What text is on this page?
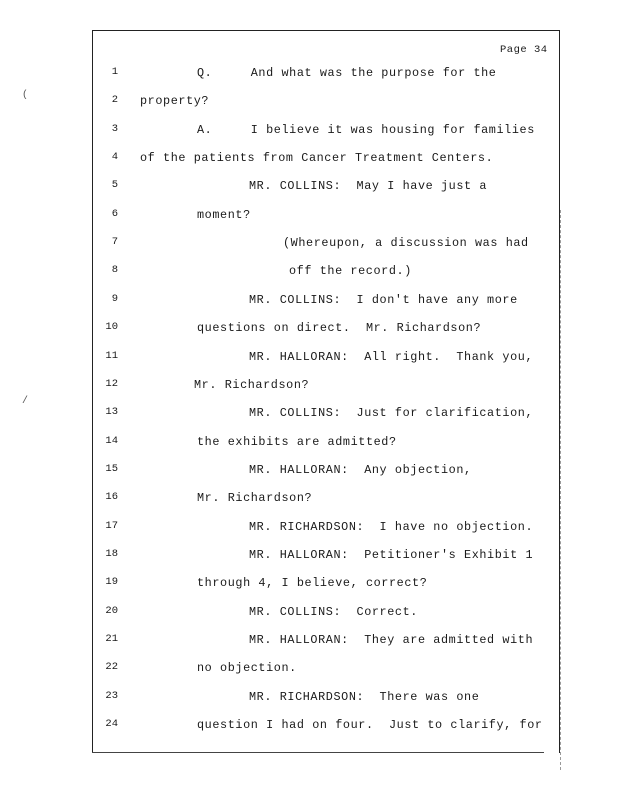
(
/
Page 34
1	Q.     And what was the purpose for the
2 property?
3	A.     I believe it was housing for families
4 of the patients from Cancer Treatment Centers.
5	MR. COLLINS:  May I have just a
6	moment?
7	(Whereupon, a discussion was had
8	off the record.)
9	MR. COLLINS:  I don't have any more
10	questions on direct.  Mr. Richardson?
11	MR. HALLORAN:  All right.  Thank you,
12	Mr. Richardson?
13	MR. COLLINS:  Just for clarification,
14	the exhibits are admitted?
15	MR. HALLORAN:  Any objection,
16	Mr. Richardson?
17	MR. RICHARDSON:  I have no objection.
18	MR. HALLORAN:  Petitioner's Exhibit 1
19	through 4, I believe, correct?
20	MR. COLLINS:  Correct.
21	MR. HALLORAN:  They are admitted with
22	no objection.
23	MR. RICHARDSON:  There was one
24	question I had on four.  Just to clarify, for
